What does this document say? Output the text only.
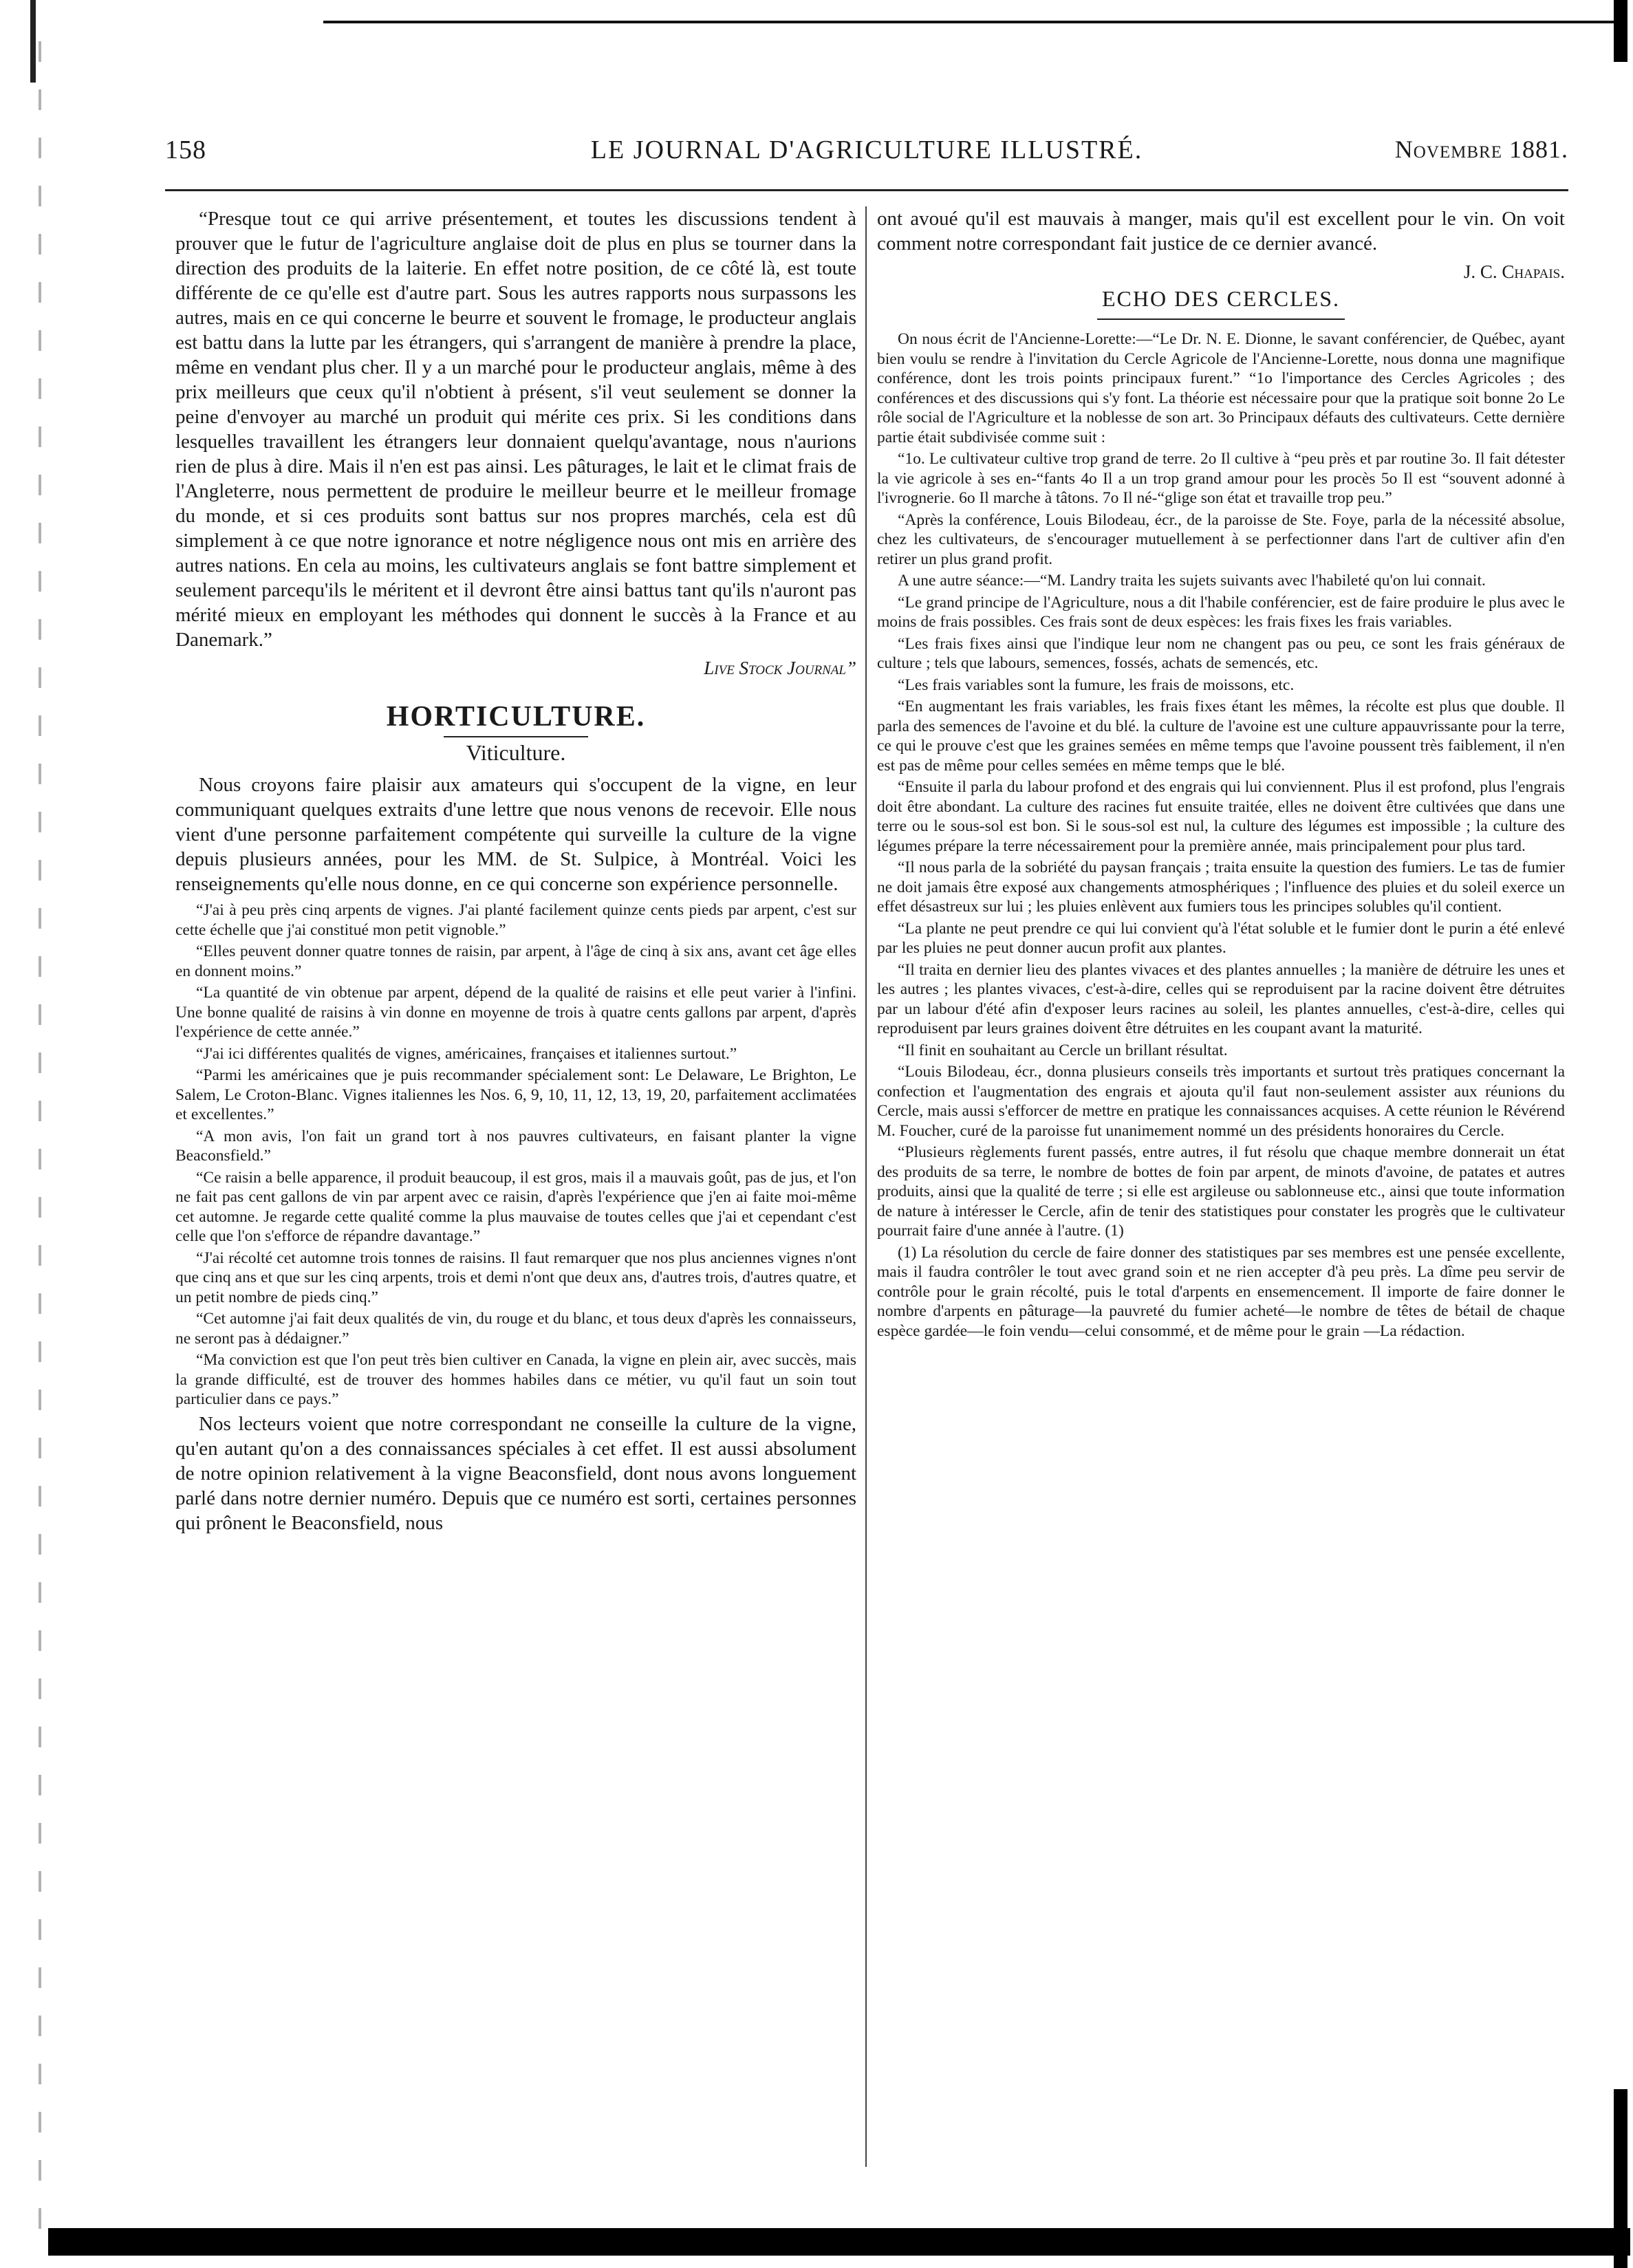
LE JOURNAL D'AGRICULTURE ILLUSTRÉ.
158	Novembre 1881.

“Presque tout ce qui arrive présentement, et toutes les discussions tendent à prouver que le futur de l'agriculture anglaise doit de plus en plus se tourner dans la direction des produits de la laiterie. En effet notre position, de ce côté là, est toute différente de ce qu'elle est d'autre part. Sous les autres rapports nous surpassons les autres, mais en ce qui concerne le beurre et souvent le fromage, le producteur anglais est battu dans la lutte par les étrangers, qui s'arrangent de manière à prendre la place, même en vendant plus cher. Il y a un marché pour le producteur anglais, même à des prix meilleurs que ceux qu'il n'obtient à présent, s'il veut seulement se donner la peine d'envoyer au marché un produit qui mérite ces prix. Si les conditions dans lesquelles travaillent les étrangers leur donnaient quelqu'avantage, nous n'aurions rien de plus à dire. Mais il n'en est pas ainsi. Les pâturages, le lait et le climat frais de l'Angleterre, nous permettent de produire le meilleur beurre et le meilleur fromage du monde, et si ces produits sont battus sur nos propres marchés, cela est dû simplement à ce que notre ignorance et notre négligence nous ont mis en arrière des autres nations. En cela au moins, les cultivateurs anglais se font battre simplement et seulement parcequ'ils le méritent et il devront être ainsi battus tant qu'ils n'auront pas mérité mieux en employant les méthodes qui donnent le succès à la France et au Danemark.”

Live Stock Journal”
HORTICULTURE.
Viticulture.

Nous croyons faire plaisir aux amateurs qui s'occupent de la vigne, en leur communiquant quelques extraits d'une lettre que nous venons de recevoir. Elle nous vient d'une personne parfaitement compétente qui surveille la culture de la vigne depuis plusieurs années, pour les MM. de St. Sulpice, à Montréal. Voici les renseignements qu'elle nous donne, en ce qui concerne son expérience personnelle.

“J'ai à peu près cinq arpents de vignes. J'ai planté facilement quinze cents pieds par arpent, c'est sur cette échelle que j'ai constitué mon petit vignoble.”

“Elles peuvent donner quatre tonnes de raisin, par arpent, à l'âge de cinq à six ans, avant cet âge elles en donnent moins.”

“La quantité de vin obtenue par arpent, dépend de la qualité de raisins et elle peut varier à l'infini. Une bonne qualité de raisins à vin donne en moyenne de trois à quatre cents gallons par arpent, d'après l'expérience de cette année.”

“J'ai ici différentes qualités de vignes, américaines, françaises et italiennes surtout.”

“Parmi les américaines que je puis recommander spécialement sont: Le Delaware, Le Brighton, Le Salem, Le Croton-Blanc. Vignes italiennes les Nos. 6, 9, 10, 11, 12, 13, 19, 20, parfaitement acclimatées et excellentes.”

“A mon avis, l'on fait un grand tort à nos pauvres cultivateurs, en faisant planter la vigne Beaconsfield.”

“Ce raisin a belle apparence, il produit beaucoup, il est gros, mais il a mauvais goût, pas de jus, et l'on ne fait pas cent gallons de vin par arpent avec ce raisin, d'après l'expérience que j'en ai faite moi-même cet automne. Je regarde cette qualité comme la plus mauvaise de toutes celles que j'ai et cependant c'est celle que l'on s'efforce de répandre davantage.”

“J'ai récolté cet automne trois tonnes de raisins. Il faut remarquer que nos plus anciennes vignes n'ont que cinq ans et que sur les cinq arpents, trois et demi n'ont que deux ans, d'autres trois, d'autres quatre, et un petit nombre de pieds cinq.”

“Cet automne j'ai fait deux qualités de vin, du rouge et du blanc, et tous deux d'après les connaisseurs, ne seront pas à dédaigner.”

“Ma conviction est que l'on peut très bien cultiver en Canada, la vigne en plein air, avec succès, mais la grande difficulté, est de trouver des hommes habiles dans ce métier, vu qu'il faut un soin tout particulier dans ce pays.”

Nos lecteurs voient que notre correspondant ne conseille la culture de la vigne, qu'en autant qu'on a des connaissances spéciales à cet effet. Il est aussi absolument de notre opinion relativement à la vigne Beaconsfield, dont nous avons longuement parlé dans notre dernier numéro. Depuis que ce numéro est sorti, certaines personnes qui prônent le Beaconsfield, nous

ont avoué qu'il est mauvais à manger, mais qu'il est excellent pour le vin. On voit comment notre correspondant fait justice de ce dernier avancé.

J. C. Chapais.
ECHO DES CERCLES.

On nous écrit de l'Ancienne-Lorette:—“Le Dr. N. E. Dionne, le savant conférencier, de Québec, ayant bien voulu se rendre à l'invitation du Cercle Agricole de l'Ancienne-Lorette, nous donna une magnifique conférence, dont les trois points principaux furent.” “1o l'importance des Cercles Agricoles ; des conférences et des discussions qui s'y font. La théorie est nécessaire pour que la pratique soit bonne 2o Le rôle social de l'Agriculture et la noblesse de son art. 3o Principaux défauts des cultivateurs. Cette dernière partie était subdivisée comme suit :

“1o. Le cultivateur cultive trop grand de terre. 2o Il cultive à “peu près et par routine 3o. Il fait détester la vie agricole à ses en-“fants 4o Il a un trop grand amour pour les procès 5o Il est “souvent adonné à l'ivrognerie. 6o Il marche à tâtons. 7o Il né-“glige son état et travaille trop peu.”

“Après la conférence, Louis Bilodeau, écr., de la paroisse de Ste. Foye, parla de la nécessité absolue, chez les cultivateurs, de s'encourager mutuellement à se perfectionner dans l'art de cultiver afin d'en retirer un plus grand profit.

A une autre séance:—“M. Landry traita les sujets suivants avec l'habileté qu'on lui connait.

“Le grand principe de l'Agriculture, nous a dit l'habile conférencier, est de faire produire le plus avec le moins de frais possibles. Ces frais sont de deux espèces: les frais fixes les frais variables.

“Les frais fixes ainsi que l'indique leur nom ne changent pas ou peu, ce sont les frais généraux de culture ; tels que labours, semences, fossés, achats de semencés, etc.

“Les frais variables sont la fumure, les frais de moissons, etc.

“En augmentant les frais variables, les frais fixes étant les mêmes, la récolte est plus que double. Il parla des semences de l'avoine et du blé. la culture de l'avoine est une culture appauvrissante pour la terre, ce qui le prouve c'est que les graines semées en même temps que l'avoine poussent très faiblement, il n'en est pas de même pour celles semées en même temps que le blé.

“Ensuite il parla du labour profond et des engrais qui lui conviennent. Plus il est profond, plus l'engrais doit être abondant. La culture des racines fut ensuite traitée, elles ne doivent être cultivées que dans une terre ou le sous-sol est bon. Si le sous-sol est nul, la culture des légumes est impossible ; la culture des légumes prépare la terre nécessairement pour la première année, mais principalement pour plus tard.

“Il nous parla de la sobriété du paysan français ; traita ensuite la question des fumiers. Le tas de fumier ne doit jamais être exposé aux changements atmosphériques ; l'influence des pluies et du soleil exerce un effet désastreux sur lui ; les pluies enlèvent aux fumiers tous les principes solubles qu'il contient.

“La plante ne peut prendre ce qui lui convient qu'à l'état soluble et le fumier dont le purin a été enlevé par les pluies ne peut donner aucun profit aux plantes.

“Il traita en dernier lieu des plantes vivaces et des plantes annuelles ; la manière de détruire les unes et les autres ; les plantes vivaces, c'est-à-dire, celles qui se reproduisent par la racine doivent être détruites par un labour d'été afin d'exposer leurs racines au soleil, les plantes annuelles, c'est-à-dire, celles qui reproduisent par leurs graines doivent être détruites en les coupant avant la maturité.

“Il finit en souhaitant au Cercle un brillant résultat.

“Louis Bilodeau, écr., donna plusieurs conseils très importants et surtout très pratiques concernant la confection et l'augmentation des engrais et ajouta qu'il faut non-seulement assister aux réunions du Cercle, mais aussi s'efforcer de mettre en pratique les connaissances acquises. A cette réunion le Révérend M. Foucher, curé de la paroisse fut unanimement nommé un des présidents honoraires du Cercle.

“Plusieurs règlements furent passés, entre autres, il fut résolu que chaque membre donnerait un état des produits de sa terre, le nombre de bottes de foin par arpent, de minots d'avoine, de patates et autres produits, ainsi que la qualité de terre ; si elle est argileuse ou sablonneuse etc., ainsi que toute information de nature à intéresser le Cercle, afin de tenir des statistiques pour constater les progrès que le cultivateur pourrait faire d'une année à l'autre. (1)

(1) La résolution du cercle de faire donner des statistiques par ses membres est une pensée excellente, mais il faudra contrôler le tout avec grand soin et ne rien accepter d'à peu près. La dîme peu servir de contrôle pour le grain récolté, puis le total d'arpents en ensemencement. Il importe de faire donner le nombre d'arpents en pâturage—la pauvreté du fumier acheté—le nombre de têtes de bétail de chaque espèce gardée—le foin vendu—celui consommé, et de même pour le grain —La rédaction.
